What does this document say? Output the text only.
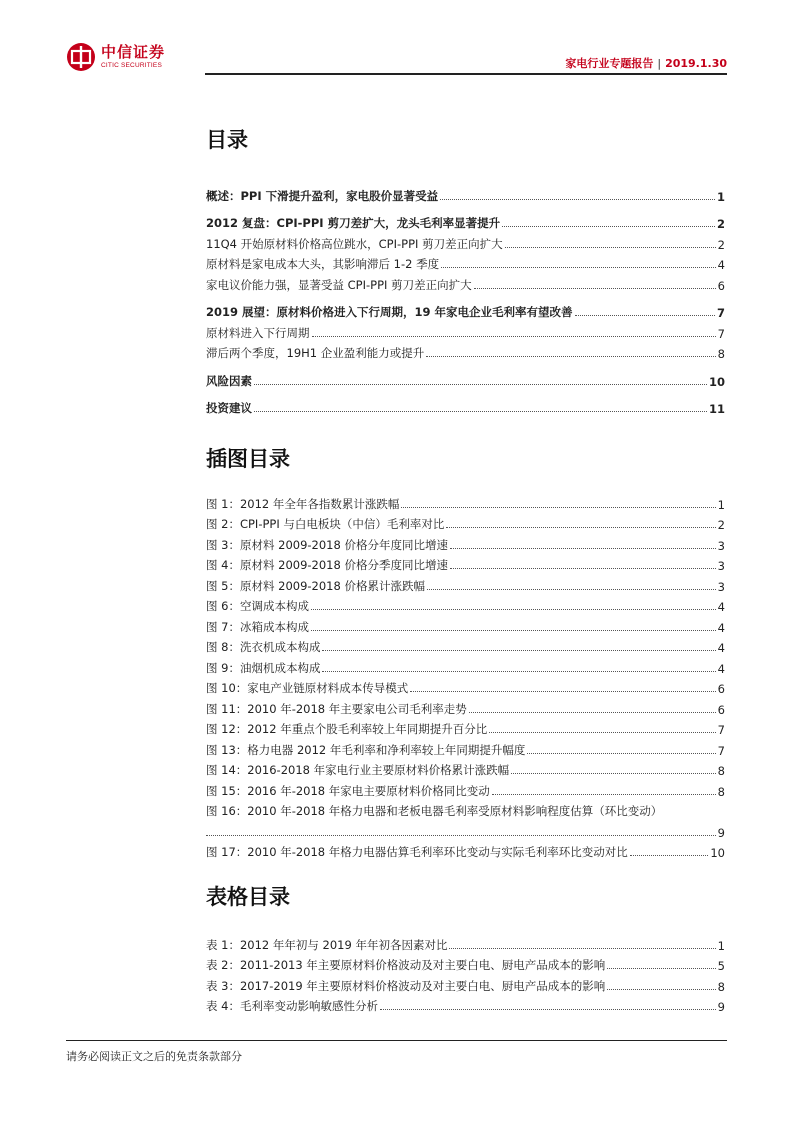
中信证券
CITIC SECURITIES	家电行业专题报告 | 2019.1.30
目录
概述：PPI 下滑提升盈利，家电股价显著受益	1
2012 复盘：CPI-PPI 剪刀差扩大，龙头毛利率显著提升	2
11Q4 开始原材料价格高位跳水，CPI-PPI 剪刀差正向扩大	2
原材料是家电成本大头，其影响滞后 1-2 季度	4
家电议价能力强，显著受益 CPI-PPI 剪刀差正向扩大	6
2019 展望：原材料价格进入下行周期，19 年家电企业毛利率有望改善	7
原材料进入下行周期	7
滞后两个季度，19H1 企业盈利能力或提升	8
风险因素	10
投资建议	11
插图目录
图 1：2012 年全年各指数累计涨跌幅	1
图 2：CPI-PPI 与白电板块（中信）毛利率对比	2
图 3：原材料 2009-2018 价格分年度同比增速	3
图 4：原材料 2009-2018 价格分季度同比增速	3
图 5：原材料 2009-2018 价格累计涨跌幅	3
图 6：空调成本构成	4
图 7：冰箱成本构成	4
图 8：洗衣机成本构成	4
图 9：油烟机成本构成	4
图 10：家电产业链原材料成本传导模式	6
图 11：2010 年-2018 年主要家电公司毛利率走势	6
图 12：2012 年重点个股毛利率较上年同期提升百分比	7
图 13：格力电器 2012 年毛利率和净利率较上年同期提升幅度	7
图 14：2016-2018 年家电行业主要原材料价格累计涨跌幅	8
图 15：2016 年-2018 年家电主要原材料价格同比变动	8
图 16：2010 年-2018 年格力电器和老板电器毛利率受原材料影响程度估算（环比变动）
9
图 17：2010 年-2018 年格力电器估算毛利率环比变动与实际毛利率环比变动对比	10
表格目录
表 1：2012 年年初与 2019 年年初各因素对比	1
表 2：2011-2013 年主要原材料价格波动及对主要白电、厨电产品成本的影响	5
表 3：2017-2019 年主要原材料价格波动及对主要白电、厨电产品成本的影响	8
表 4：毛利率变动影响敏感性分析	9
请务必阅读正文之后的免责条款部分
